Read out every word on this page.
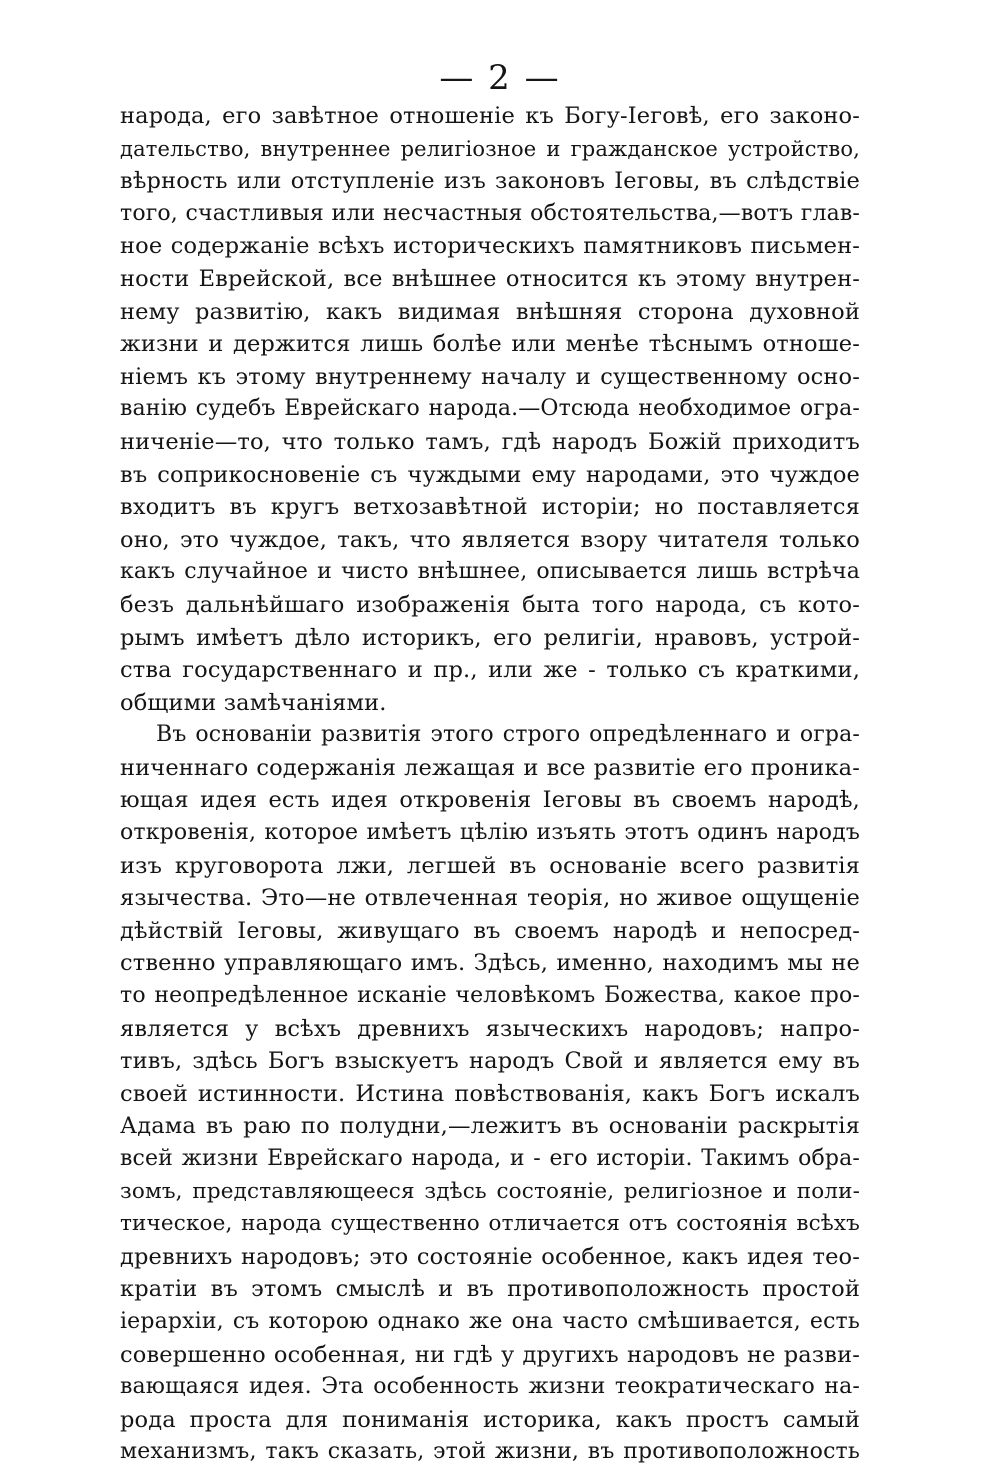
— 2 —
народа, его завѣтное отношеніе къ Богу-Іеговѣ, его законо-
дательство, внутреннее религіозное и гражданское устройство,
вѣрность или отступленіе изъ законовъ Іеговы, въ слѣдствіе
того, счастливыя или несчастныя обстоятельства,—вотъ глав-
ное содержаніе всѣхъ историческихъ памятниковъ письмен-
ности Еврейской, все внѣшнее относится къ этому внутрен-
нему развитію, какъ видимая внѣшняя сторона духовной
жизни и держится лишь болѣе или менѣе тѣснымъ отноше-
ніемъ къ этому внутреннему началу и существенному осно-
ванію судебъ Еврейскаго народа.—Отсюда необходимое огра-
ниченіе—то, что только тамъ, гдѣ народъ Божій приходитъ
въ соприкосновеніе съ чуждыми ему народами, это чуждое
входитъ въ кругъ ветхозавѣтной исторіи; но поставляется
оно, это чуждое, такъ, что является взору читателя только
какъ случайное и чисто внѣшнее, описывается лишь встрѣча
безъ дальнѣйшаго изображенія быта того народа, съ кото-
рымъ имѣетъ дѣло историкъ, его религіи, нравовъ, устрой-
ства государственнаго и пр., или же - только съ краткими,
общими замѣчаніями.
Въ основаніи развитія этого строго опредѣленнаго и огра-
ниченнаго содержанія лежащая и все развитіе его проника-
ющая идея есть идея откровенія Іеговы въ своемъ народѣ,
откровенія, которое имѣетъ цѣлію изъять этотъ одинъ народъ
изъ круговорота лжи, легшей въ основаніе всего развитія
язычества. Это—не отвлеченная теорія, но живое ощущеніе
дѣйствій Іеговы, живущаго въ своемъ народѣ и непосред-
ственно управляющаго имъ. Здѣсь, именно, находимъ мы не
то неопредѣленное исканіе человѣкомъ Божества, какое про-
является у всѣхъ древнихъ языческихъ народовъ; напро-
тивъ, здѣсь Богъ взыскуетъ народъ Свой и является ему въ
своей истинности. Истина повѣствованія, какъ Богъ искалъ
Адама въ раю по полудни,—лежитъ въ основаніи раскрытія
всей жизни Еврейскаго народа, и - его исторіи. Такимъ обра-
зомъ, представляющееся здѣсь состояніе, религіозное и поли-
тическое, народа существенно отличается отъ состоянія всѣхъ
древнихъ народовъ; это состояніе особенное, какъ идея тео-
кратіи въ этомъ смыслѣ и въ противоположность простой
іерархіи, съ которою однако же она часто смѣшивается, есть
совершенно особенная, ни гдѣ у другихъ народовъ не разви-
вающаяся идея. Эта особенность жизни теократическаго на-
рода проста для пониманія историка, какъ простъ самый
механизмъ, такъ сказать, этой жизни, въ противоположность
